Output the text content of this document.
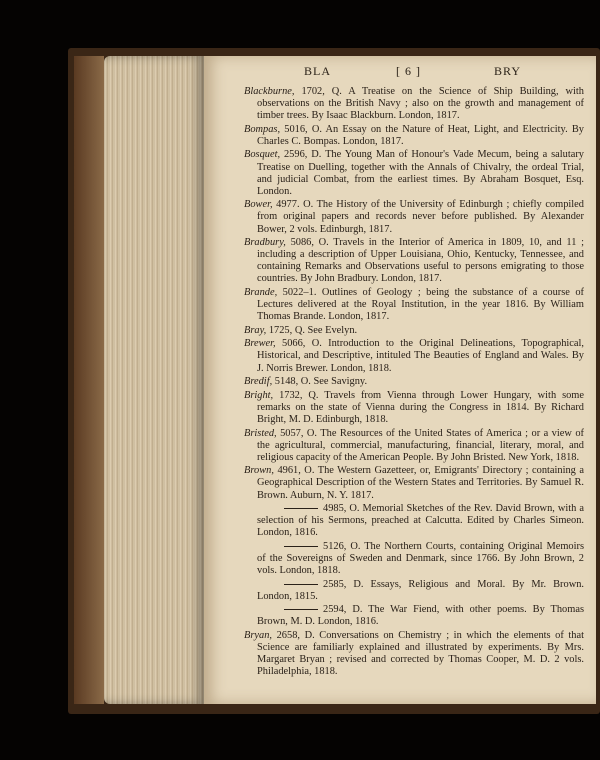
BLA	[ 6 ]	BRY
Blackburne, 1702, Q. A Treatise on the Science of Ship Building, with observations on the British Navy ; also on the growth and management of timber trees. By Isaac Blackburn. London, 1817.
Bompas, 5016, O. An Essay on the Nature of Heat, Light, and Electricity. By Charles C. Bompas. London, 1817.
Bosquet, 2596, D. The Young Man of Honour's Vade Mecum, being a salutary Treatise on Duelling, together with the Annals of Chivalry, the ordeal Trial, and judicial Combat, from the earliest times. By Abraham Bosquet, Esq. London.
Bower, 4977. O. The History of the University of Edinburgh ; chiefly compiled from original papers and records never before published. By Alexander Bower, 2 vols. Edinburgh, 1817.
Bradbury, 5086, O. Travels in the Interior of America in 1809, 10, and 11 ; including a description of Upper Louisiana, Ohio, Kentucky, Tennessee, and containing Remarks and Observations useful to persons emigrating to those countries. By John Bradbury. London, 1817.
Brande, 5022–1. Outlines of Geology ; being the substance of a course of Lectures delivered at the Royal Institution, in the year 1816. By William Thomas Brande. London, 1817.
Bray, 1725, Q. See Evelyn.
Brewer, 5066, O. Introduction to the Original Delineations, Topographical, Historical, and Descriptive, intituled The Beauties of England and Wales. By J. Norris Brewer. London, 1818.
Bredif, 5148, O. See Savigny.
Bright, 1732, Q. Travels from Vienna through Lower Hungary, with some remarks on the state of Vienna during the Congress in 1814. By Richard Bright, M. D. Edinburgh, 1818.
Bristed, 5057, O. The Resources of the United States of America ; or a view of the agricultural, commercial, manufacturing, financial, literary, moral, and religious capacity of the American People. By John Bristed. New York, 1818.
Brown, 4961, O. The Western Gazetteer, or, Emigrants' Directory ; containing a Geographical Description of the Western States and Territories. By Samuel R. Brown. Auburn, N. Y. 1817.
4985, O. Memorial Sketches of the Rev. David Brown, with a selection of his Sermons, preached at Calcutta. Edited by Charles Simeon. London, 1816.
5126, O. The Northern Courts, containing Original Memoirs of the Sovereigns of Sweden and Denmark, since 1766. By John Brown, 2 vols. London, 1818.
2585, D. Essays, Religious and Moral. By Mr. Brown. London, 1815.
2594, D. The War Fiend, with other poems. By Thomas Brown, M. D. London, 1816.
Bryan, 2658, D. Conversations on Chemistry ; in which the elements of that Science are familiarly explained and illustrated by experiments. By Mrs. Margaret Bryan ; revised and corrected by Thomas Cooper, M. D. 2 vols. Philadelphia, 1818.
